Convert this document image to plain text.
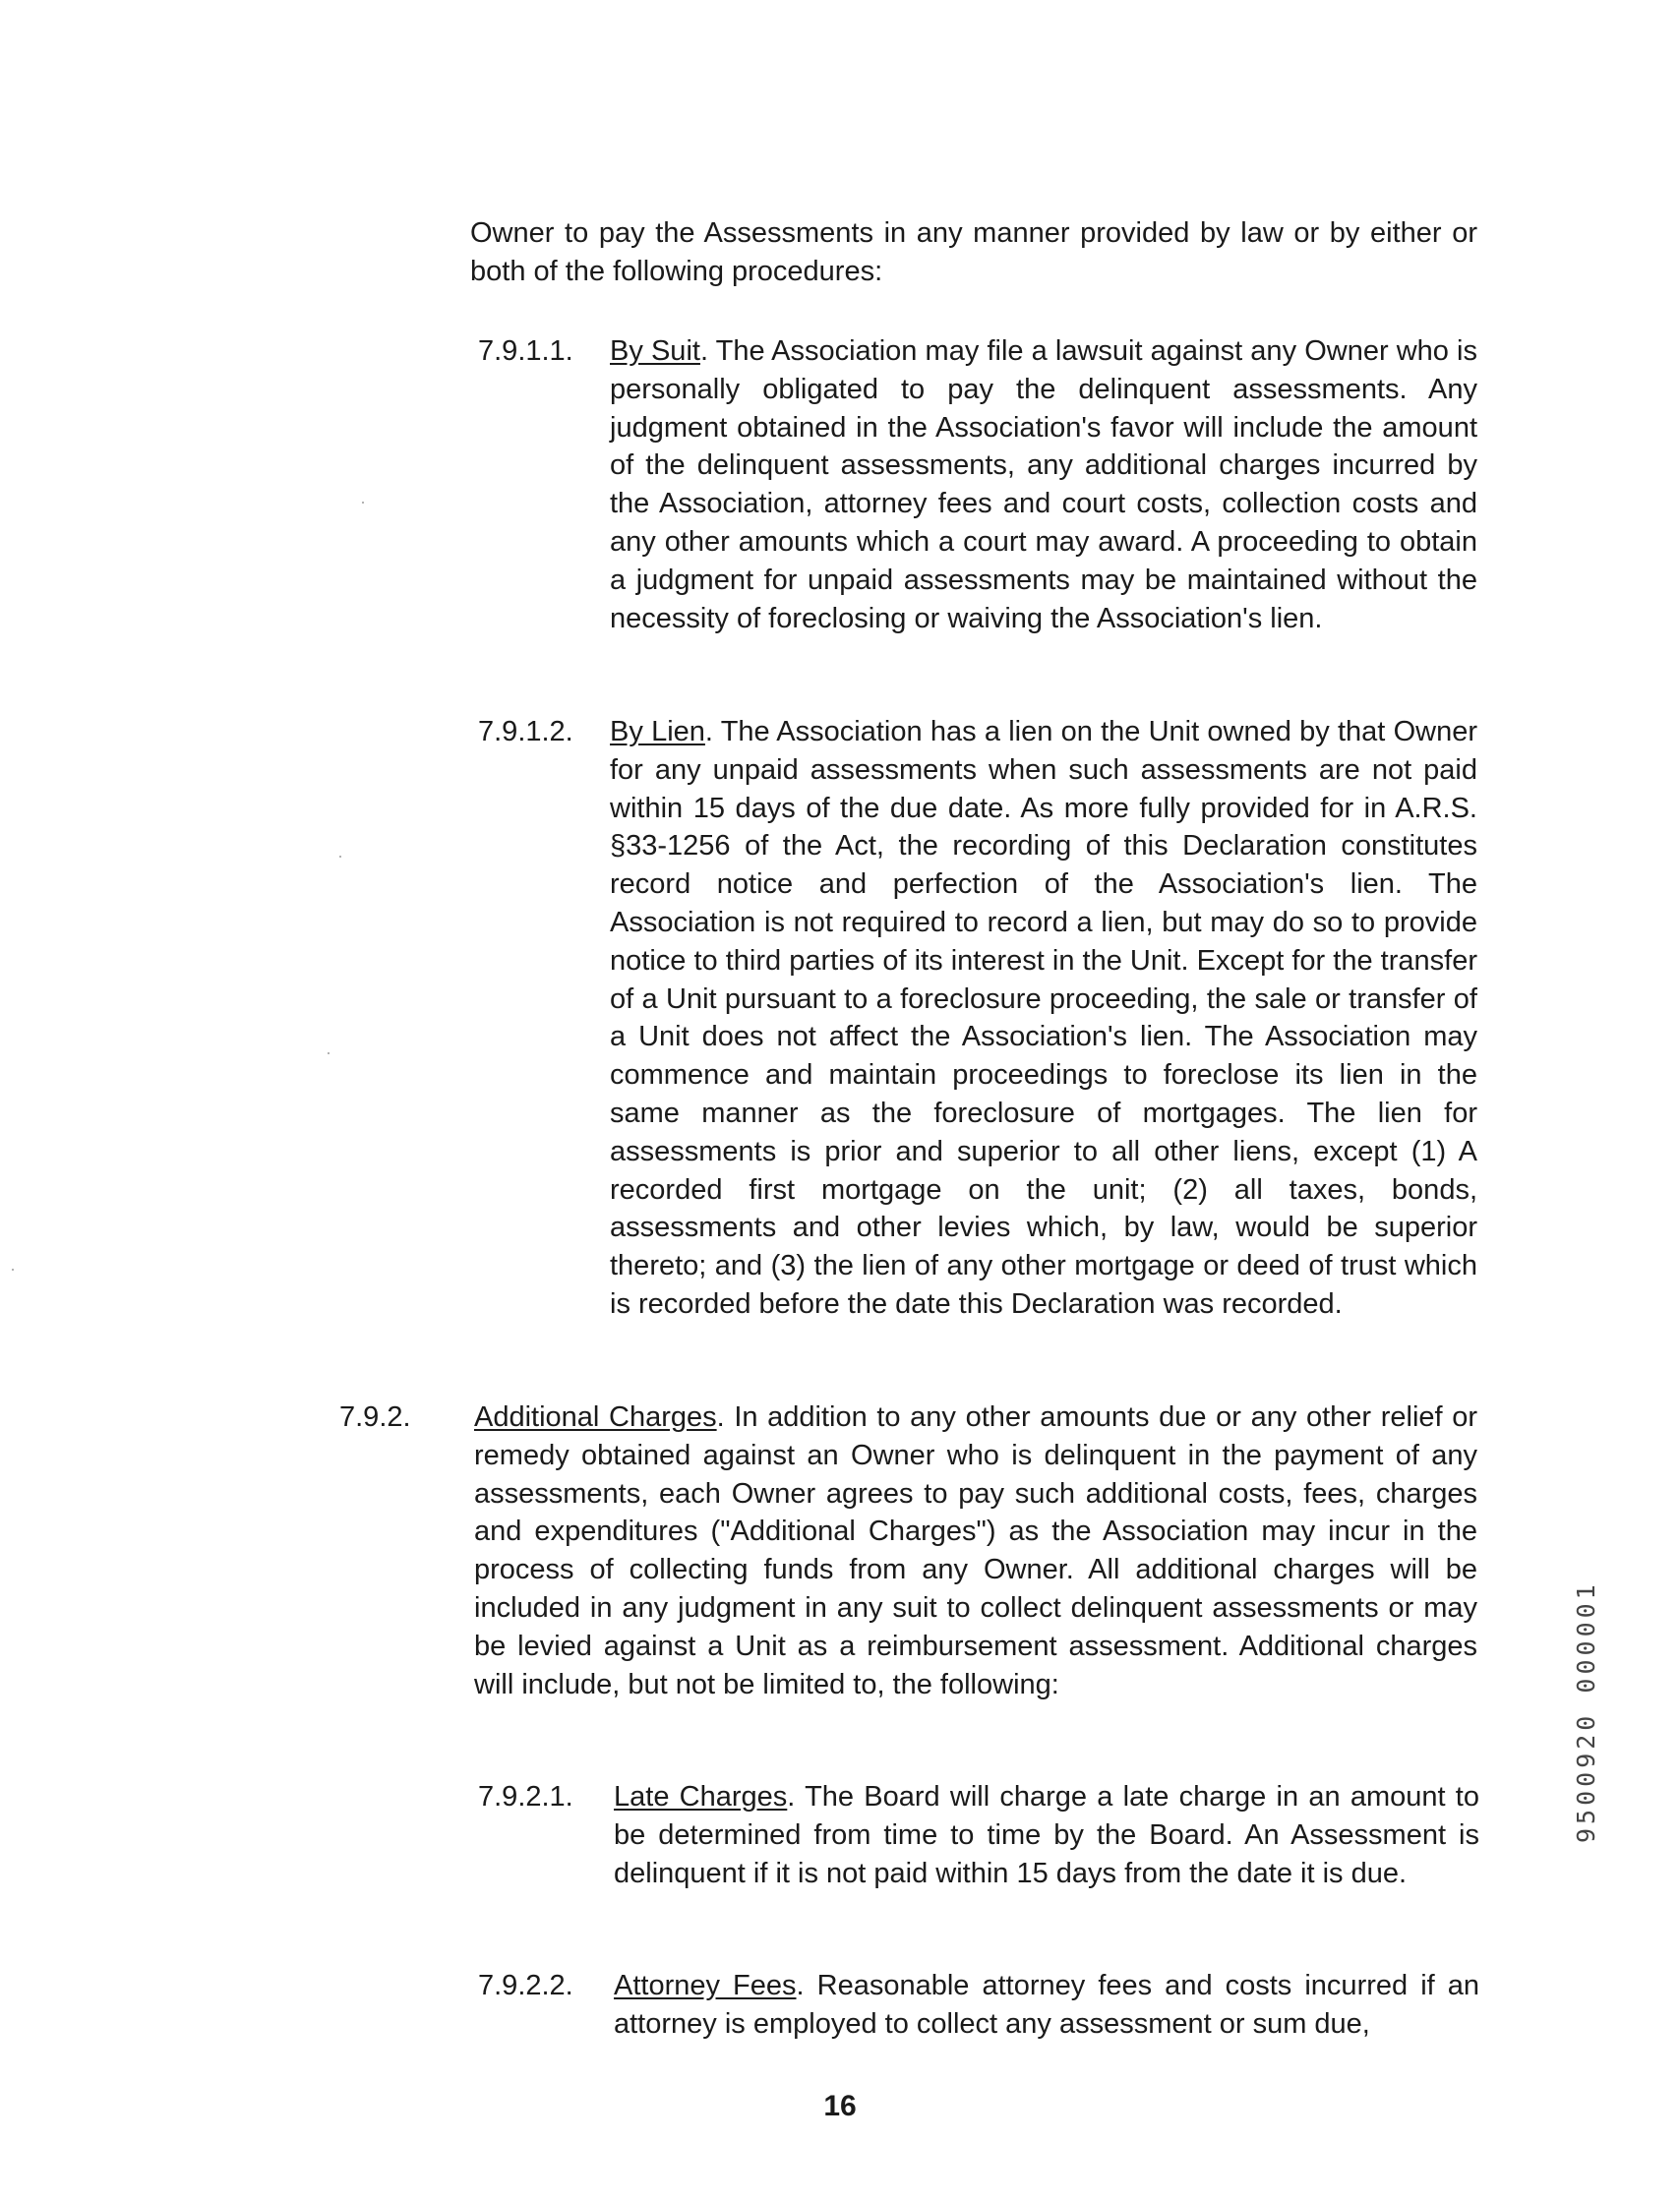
Owner to pay the Assessments in any manner provided by law or by either or both of the following procedures:

7.9.1.1. By Suit. The Association may file a lawsuit against any Owner who is personally obligated to pay the delinquent assessments. Any judgment obtained in the Association's favor will include the amount of the delinquent assessments, any additional charges incurred by the Association, attorney fees and court costs, collection costs and any other amounts which a court may award. A proceeding to obtain a judgment for unpaid assessments may be maintained without the necessity of foreclosing or waiving the Association's lien.

7.9.1.2. By Lien. The Association has a lien on the Unit owned by that Owner for any unpaid assessments when such assessments are not paid within 15 days of the due date. As more fully provided for in A.R.S. §33-1256 of the Act, the recording of this Declaration constitutes record notice and perfection of the Association's lien. The Association is not required to record a lien, but may do so to provide notice to third parties of its interest in the Unit. Except for the transfer of a Unit pursuant to a foreclosure proceeding, the sale or transfer of a Unit does not affect the Association's lien. The Association may commence and maintain proceedings to foreclose its lien in the same manner as the foreclosure of mortgages. The lien for assessments is prior and superior to all other liens, except (1) A recorded first mortgage on the unit; (2) all taxes, bonds, assessments and other levies which, by law, would be superior thereto; and (3) the lien of any other mortgage or deed of trust which is recorded before the date this Declaration was recorded.

7.9.2. Additional Charges. In addition to any other amounts due or any other relief or remedy obtained against an Owner who is delinquent in the payment of any assessments, each Owner agrees to pay such additional costs, fees, charges and expenditures ("Additional Charges") as the Association may incur in the process of collecting funds from any Owner. All additional charges will be included in any judgment in any suit to collect delinquent assessments or may be levied against a Unit as a reimbursement assessment. Additional charges will include, but not be limited to, the following:

7.9.2.1. Late Charges. The Board will charge a late charge in an amount to be determined from time to time by the Board. An Assessment is delinquent if it is not paid within 15 days from the date it is due.

7.9.2.2. Attorney Fees. Reasonable attorney fees and costs incurred if an attorney is employed to collect any assessment or sum due,

16
9500920 000001
